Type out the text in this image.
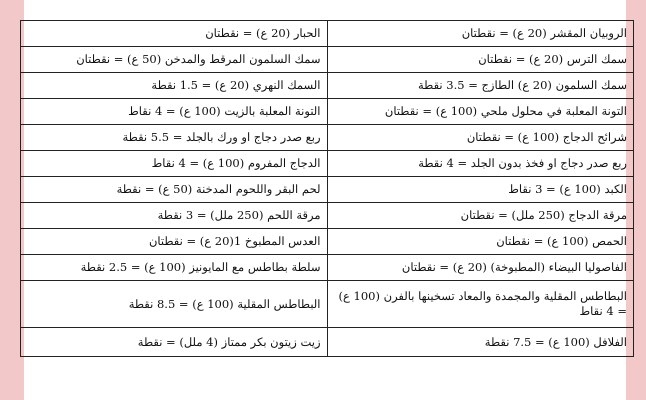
الروبيان المقشر (20 ع) = نقطتان	الحبار (20 ع) = نقطتان
سمك الترس (20 ع) = نقطتان	سمك السلمون المرقط والمدخن (50 ع) = نقطتان
سمك السلمون (20 ع) الطازج = 3.5 نقطة	السمك النهري (20 ع) = 1.5 نقطة
التونة المعلبة في محلول ملحي (100 ع) = نقطتان	التونة المعلبة بالزيت (100 ع) = 4 نقاط
شرائح الدجاج (100 ع) = نقطتان	ربع صدر دجاج او ورك بالجلد = 5.5 نقطة
ربع صدر دجاج او فخذ بدون الجلد = 4 نقطة	الدجاج المفروم (100 ع) = 4 نقاط
الكبد (100 ع) = 3 نقاط	لحم البقر واللحوم المدخنة (50 ع) = نقطة
مرقة الدجاج (250 ملل) = نقطتان	مرقة اللحم (250 ملل) = 3 نقطة
الحمص (100 ع) = نقطتان	العدس المطبوخ 1(20 ع) = نقطتان
الفاصوليا البيضاء (المطبوخة) (20 ع) = نقطتان	سلطة بطاطس مع المايونيز (100 ع) = 2.5 نقطة
البطاطس المقلية والمجمدة والمعاد تسخينها بالفرن (100 ع) = 4 نقاط	البطاطس المقلية (100 ع) = 8.5 نقطة
الفلافل (100 ع) = 7.5 نقطة	زيت زيتون بكر ممتاز (4 ملل) = نقطة
